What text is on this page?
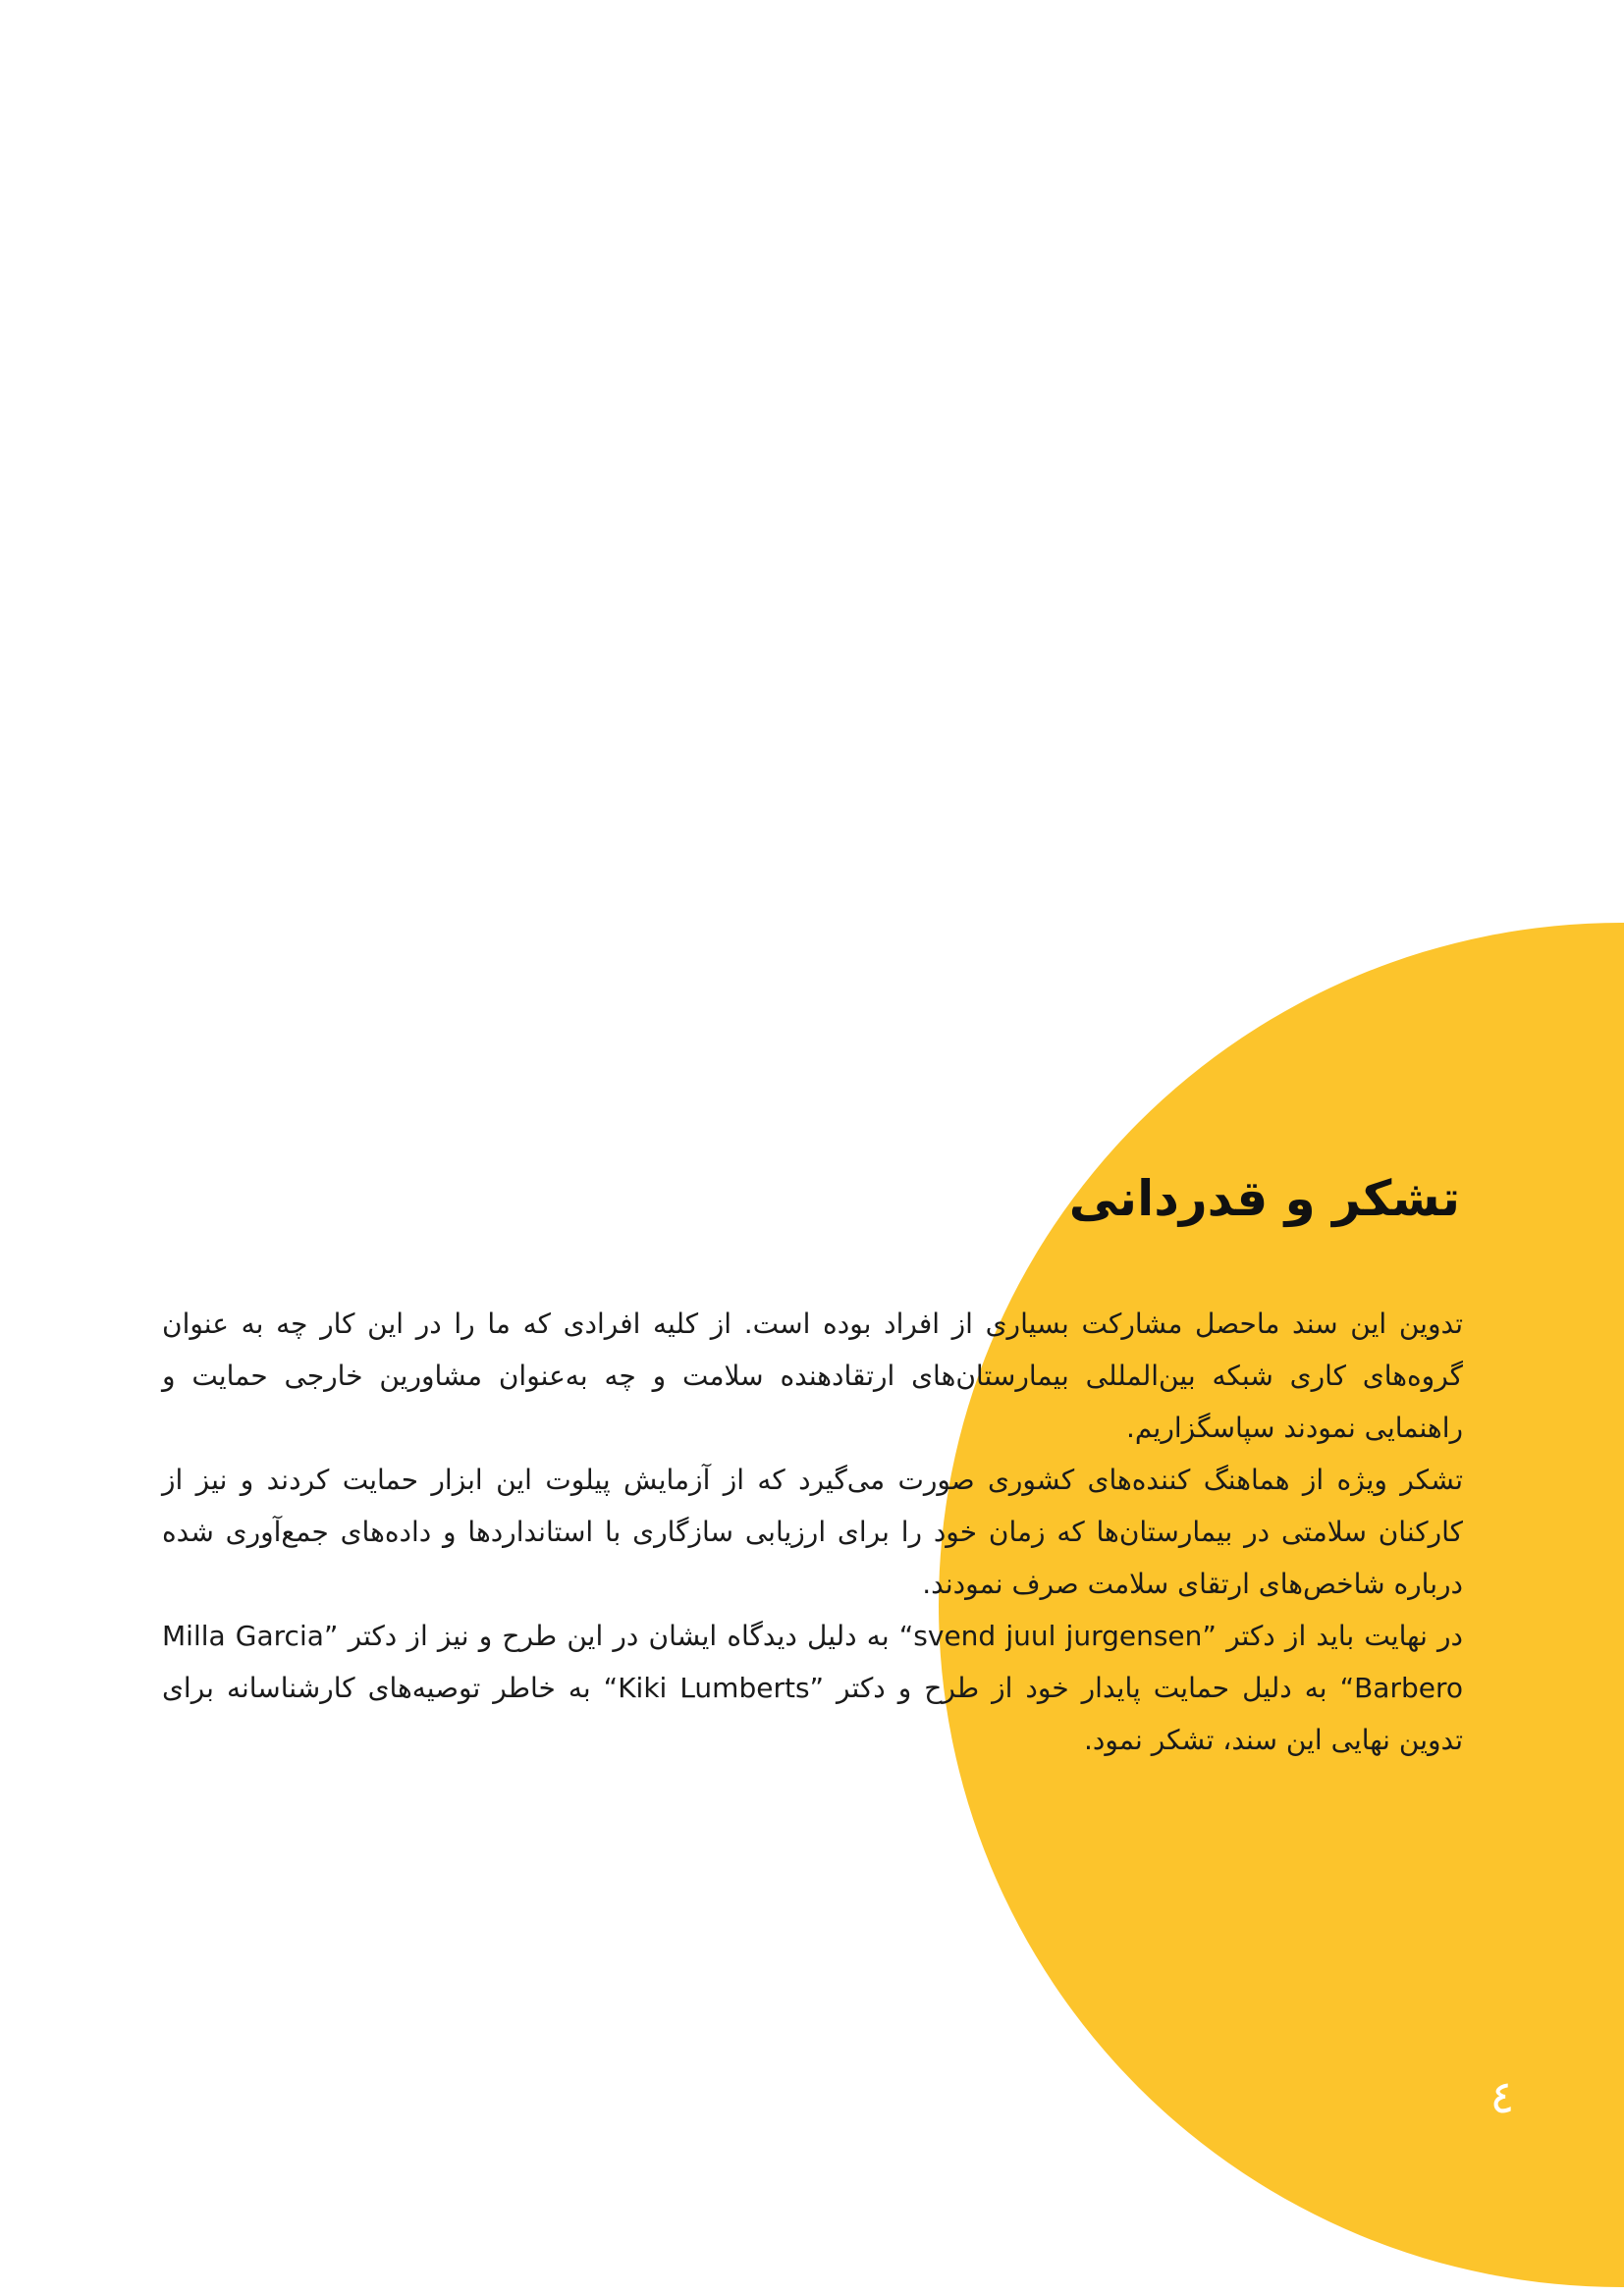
تشکر و قدردانی

تدوین این سند ماحصل مشارکت بسیاری از افراد بوده است. از کلیه افرادی که ما را در این کار چه به عنوان گروه‌های کاری شبکه بین‌المللی بیمارستان‌های ارتقادهنده سلامت و چه به‌عنوان مشاورین خارجی حمایت و راهنمایی نمودند سپاسگزاریم.

تشکر ویژه از هماهنگ کننده‌های کشوری صورت می‌گیرد که از آزمایش پیلوت این ابزار حمایت کردند و نیز از کارکنان سلامتی در بیمارستان‌ها که زمان خود را برای ارزیابی سازگاری با استانداردها و داده‌های جمع‌آوری شده درباره شاخص‌های ارتقای سلامت صرف نمودند.

در نهایت باید از دکتر ”svend juul jurgensen“ به دلیل دیدگاه ایشان در این طرح و نیز از دکتر ”Milla Garcia Barbero“ به دلیل حمایت پایدار خود از طرح و دکتر ”Kiki Lumberts“ به خاطر توصیه‌های کارشناسانه برای تدوین نهایی این سند، تشکر نمود.

٤
